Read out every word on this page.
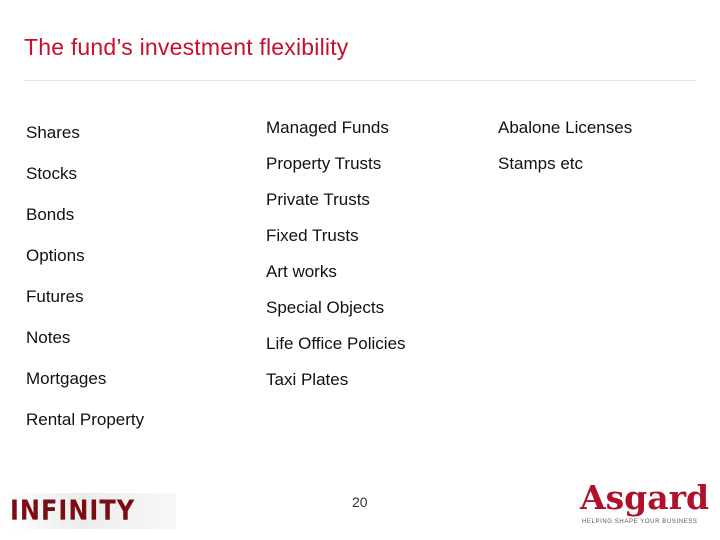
The fund’s investment flexibility
Shares
Stocks
Bonds
Options
Futures
Notes
Mortgages
Rental Property
Managed Funds
Property Trusts
Private Trusts
Fixed Trusts
Art works
Special Objects
Life Office Policies
Taxi Plates
Abalone Licenses
Stamps etc
INFINITY	20	Asgard
HELPING SHAPE YOUR BUSINESS
